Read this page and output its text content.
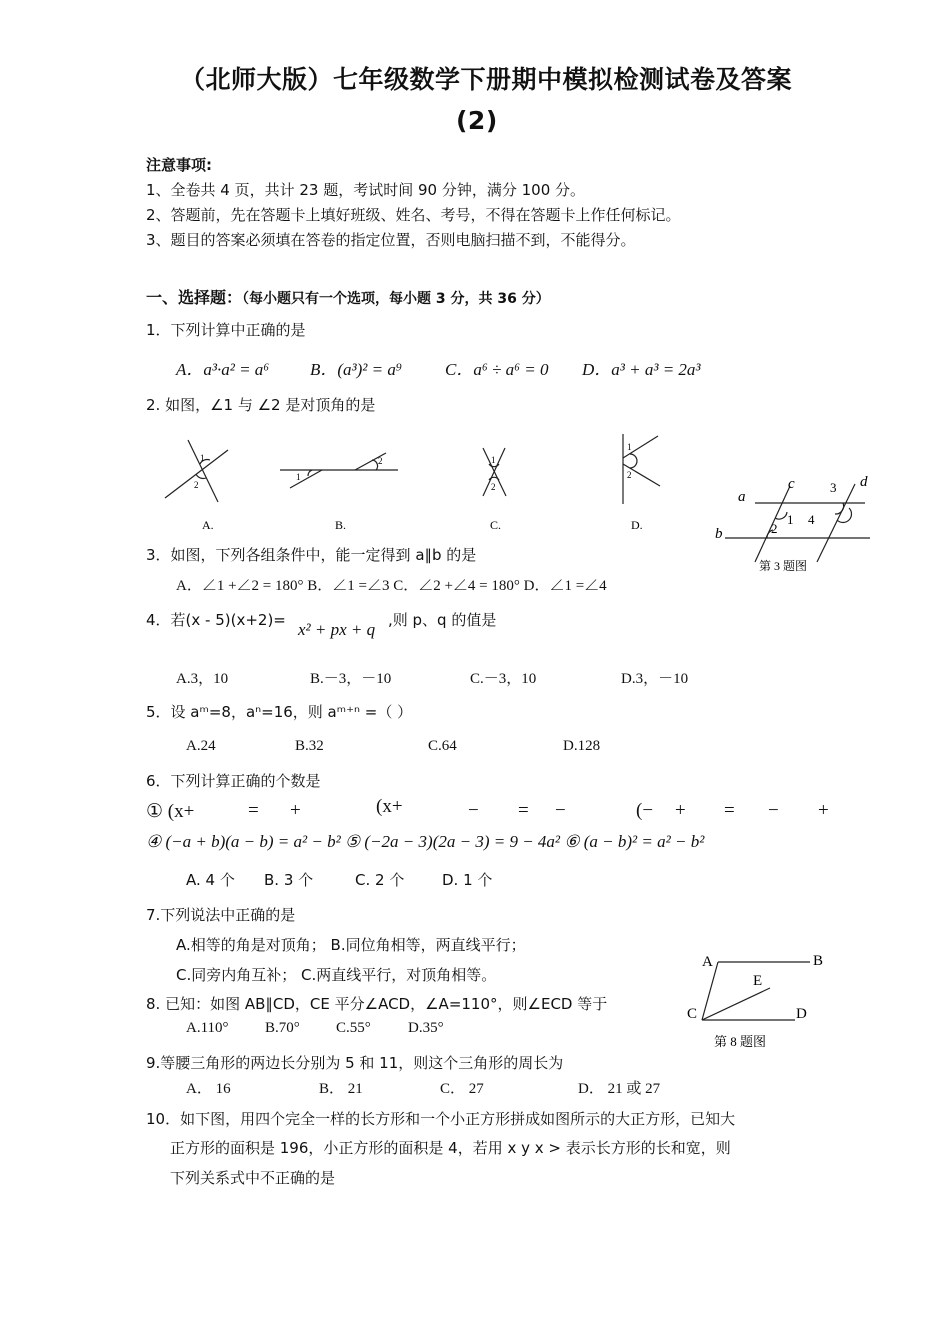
（北师大版）七年级数学下册期中模拟检测试卷及答案
(2)
注意事项:
1、全卷共 4 页，共计 23 题，考试时间 90 分钟，满分 100 分。
2、答题前，先在答题卡上填好班级、姓名、考号，不得在答题卡上作任何标记。
3、题目的答案必须填在答卷的指定位置，否则电脑扫描不到，不能得分。
一、选择题：（每小题只有一个选项，每小题 3 分，共 36 分）
1．下列计算中正确的是
A．a³·a² = a⁶ B．(a³)² = a⁹	C．a⁶ ÷ a⁶ = 0 D．a³ + a³ = 2a³
2. 如图，∠1 与 ∠2 是对顶角的是
1
2
A.
1
2
B.
1
2
C.
1
2
D.
a
b
c	d
1
2
3
4
第 3 题图
3．如图，下列各组条件中，能一定得到 a∥b 的是
A．∠1 +∠2 = 180° B．∠1 =∠3 C．∠2 +∠4 = 180° D．∠1 =∠4
4．若(x - 5)(x+2)= x² + px + q ,则 p、q 的值是
A.3，10	B.－3，－10	C.－3，10	D.3，－10
5．设 aᵐ=8，aⁿ=16，则 aᵐ⁺ⁿ =（ ）
A.24	B.32	C.64	D.128
6．下列计算正确的个数是
① (x+	= +	(x+	− = −	(− + = − +
④ (−a + b)(a − b) = a² − b² ⑤ (−2a − 3)(2a − 3) = 9 − 4a² ⑥ (a − b)² = a² − b²
A. 4 个 B. 3 个	C. 2 个	D. 1 个
7.下列说法中正确的是
A.相等的角是对顶角； B.同位角相等，两直线平行；
C.同旁内角互补； C.两直线平行，对顶角相等。
A	B
C	D
E
第 8 题图
8. 已知：如图 AB∥CD，CE 平分∠ACD，∠A=110°，则∠ECD 等于
A.110° B.70° C.55° D.35°
9.等腰三角形的两边长分别为 5 和 11，则这个三角形的周长为
A． 16	B． 21	C． 27	D． 21 或 27
10．如下图，用四个完全一样的长方形和一个小正方形拼成如图所示的大正方形，已知大
正方形的面积是 196，小正方形的面积是 4，若用 x y x > 表示长方形的长和宽，则
下列关系式中不正确的是
